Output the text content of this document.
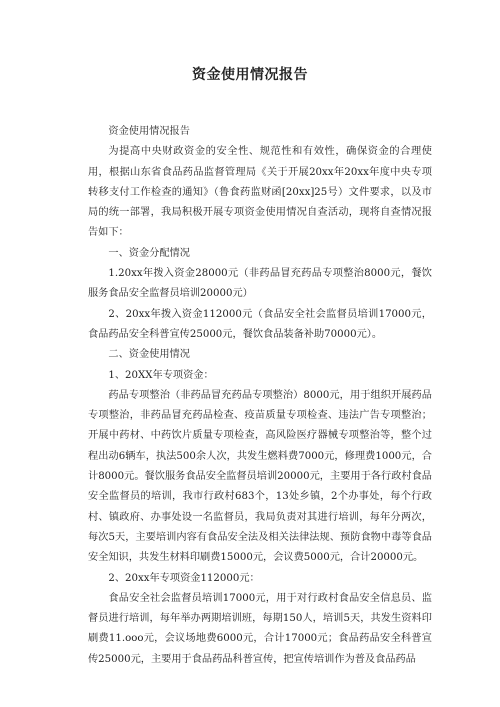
资金使用情况报告

资金使用情况报告

为提高中央财政资金的安全性、规范性和有效性，确保资金的合理使用，根据山东省食品药品监督管理局《关于开展20xx年20xx年度中央专项转移支付工作检查的通知》（鲁食药监财函[20xx]25号）文件要求，以及市局的统一部署，我局积极开展专项资金使用情况自查活动，现将自查情况报告如下：

一、资金分配情况

1.20xx年拨入资金28000元（非药品冒充药品专项整治8000元，餐饮服务食品安全监督员培训20000元）

2、20xx年拨入资金112000元（食品安全社会监督员培训17000元，食品药品安全科普宣传25000元，餐饮食品装备补助70000元）。

二、资金使用情况

1、20XX年专项资金：

药品专项整治（非药品冒充药品专项整治）8000元，用于组织开展药品专项整治，非药品冒充药品检查、疫苗质量专项检查、违法广告专项整治；开展中药材、中药饮片质量专项检查，高风险医疗器械专项整治等，整个过程出动6辆车，执法500余人次，共发生燃料费7000元，修理费1000元，合计8000元。餐饮服务食品安全监督员培训20000元，主要用于各行政村食品安全监督员的培训，我市行政村683个，13处乡镇，2个办事处，每个行政村、镇政府、办事处设一名监督员，我局负责对其进行培训，每年分两次，每次5天，主要培训内容有食品安全法及相关法律法规、预防食物中毒等食品安全知识，共发生材料印刷费15000元，会议费5000元，合计20000元。

2、20xx年专项资金112000元：

食品安全社会监督员培训17000元，用于对行政村食品安全信息员、监督员进行培训，每年举办两期培训班，每期150人，培训5天，共发生资料印刷费11.ooo元，会议场地费6000元，合计17000元；食品药品安全科普宣传25000元，主要用于食品药品科普宣传，把宣传培训作为普及食品药品
